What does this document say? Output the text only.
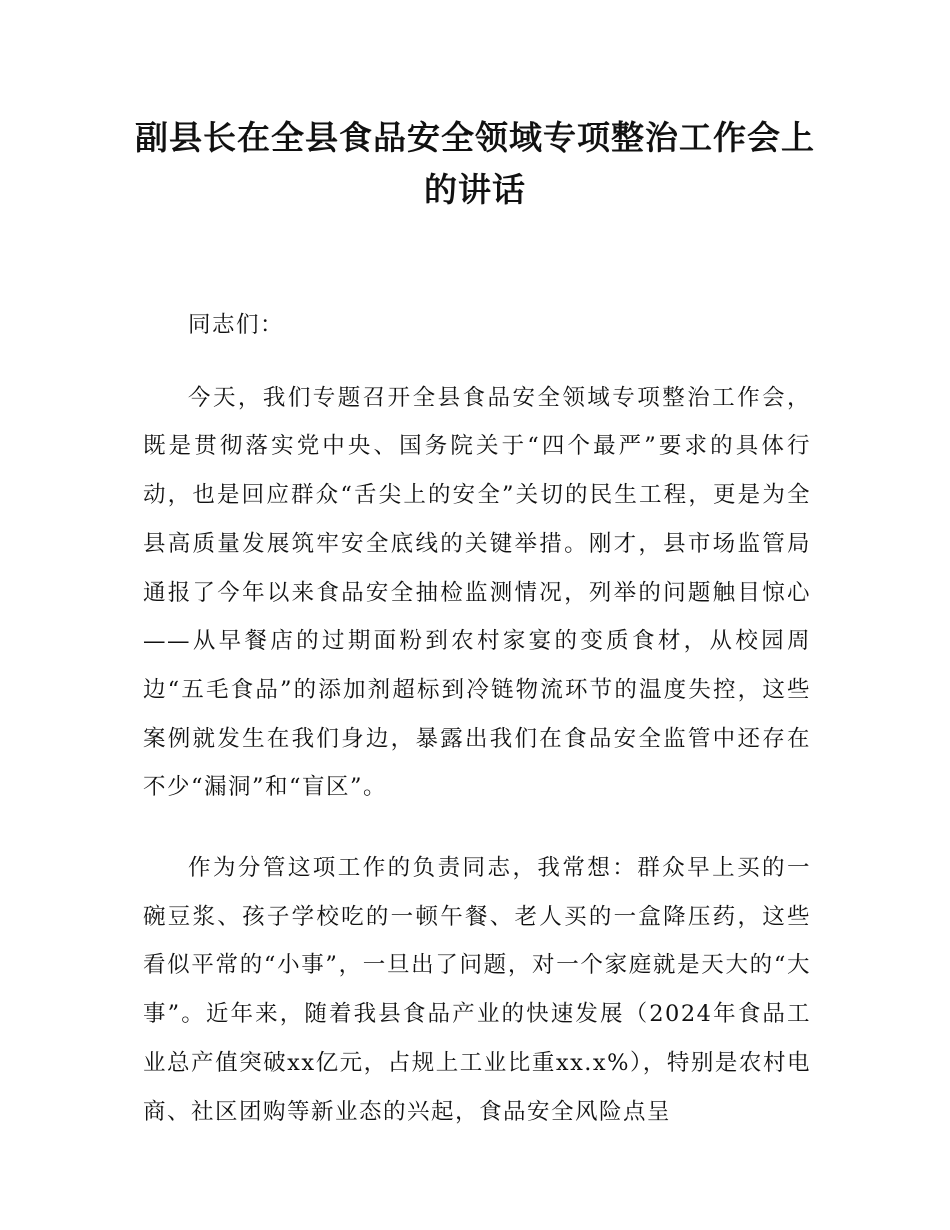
副县长在全县食品安全领域专项整治工作会上的讲话

同志们：

今天，我们专题召开全县食品安全领域专项整治工作会，既是贯彻落实党中央、国务院关于“四个最严”要求的具体行动，也是回应群众“舌尖上的安全”关切的民生工程，更是为全县高质量发展筑牢安全底线的关键举措。刚才，县市场监管局通报了今年以来食品安全抽检监测情况，列举的问题触目惊心——从早餐店的过期面粉到农村家宴的变质食材，从校园周边“五毛食品”的添加剂超标到冷链物流环节的温度失控，这些案例就发生在我们身边，暴露出我们在食品安全监管中还存在不少“漏洞”和“盲区”。

作为分管这项工作的负责同志，我常想：群众早上买的一碗豆浆、孩子学校吃的一顿午餐、老人买的一盒降压药，这些看似平常的“小事”，一旦出了问题，对一个家庭就是天大的“大事”。近年来，随着我县食品产业的快速发展（2024年食品工业总产值突破xx亿元，占规上工业比重xx.x%），特别是农村电商、社区团购等新业态的兴起，食品安全风险点呈
